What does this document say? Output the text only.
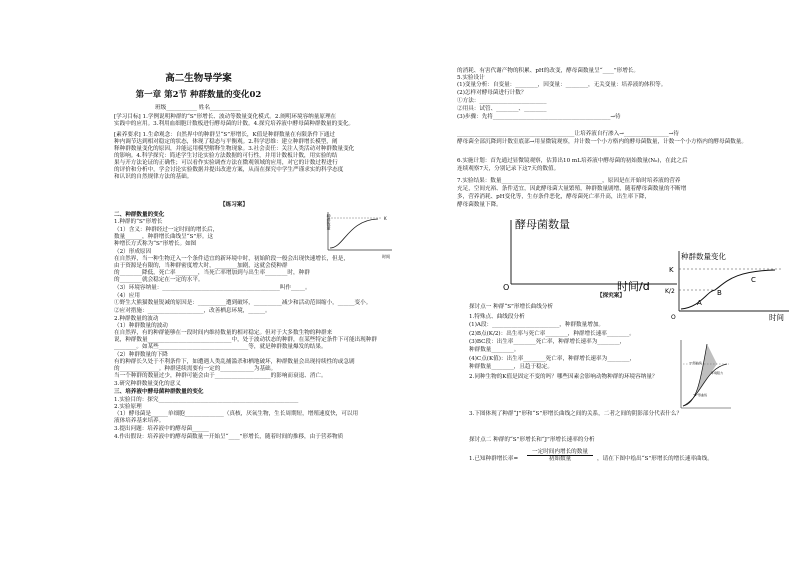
高二生物导学案
第一章 第2节 种群数量的变化02
班级___________ 姓名___________
[学习目标] 1.学例说明种群的“S”形增长、波动等数量变化模式。2.阐明环境容纳量原理在
实践中的应用。3.利用血细胞计数板进行酵母菌的计数。4.探究培养液中酵母菌种群数量的变化。
[素养要求] 1.生命观念：自然界中的种群呈“S”形增长，K值是种群数量在有限条件下通过
种内调节达到相对稳定的状态，体现了稳态与平衡观。2.科学思维：建立种群增长模型，阐
释种群数量变化的原因，并能运用模型解释生物现象。3.社会责任：关注人类活动对种群数量变化
的影响。4.科学探究：简述学生讨论实验方法数据的可行性，并用计数板计数，用实验的结
果与开方法论证的正确性；可以看作实验调查方法在微观领域的应用，对它的计数过程进行
的评价和分析中，学会讨论实验数据并提出改进方案，从而在探究中学生严谨求实的科学态度
和认识的自然规律方法的基础。
【练习案】
二、种群数量的变化
1.种群的“S”形增长
（1）含义：种群经过一定时间的增长后，
数量______，种群增长曲线呈“S”形。这
种增长方式称为“S”形增长。如图
（2）形成原因
在自然界，当一种生物迁入一个条件适宜的新环境中时，初始阶段一般会出现快速增长，但是，
由于资源是有限的，当种群密度增大时，________加剧，这就会使种群
的________降低，死亡率________，当死亡率增加到与出生率________时，种群
的________就会稳定在一定的水平。
（3）环境容纳量：__________________________________________叫作_____。
（4）应用
①野生大熊猫数量锐减的原因是：__________遭到破坏，__________减少和活动范围缩小，______变小。
②应对措施：____________________，改善栖息环境，______。
2.种群数量的波动
（1）种群数量的波动
在自然界，有的种群能够在一段时间内维持数量的相对稳定。但对于大多数生物的种群来
说，种群数量______________________________中，处于波动状态的种群，在某些特定条件下可能出现种群
________。如某些________________________________等，就是种群数量爆发的结果。
（2）种群数量的下降
有的种群长久处于不利条件下，如遭遇人类乱捕滥杀和栖地破坏，种群数量会出现持续性的或急剧
的______________。种群延续需要有一定的____________为基础。
当一个种群的数量过少，种群可能会由于____________________的影响而衰退、消亡。
3.研究种群数量变化的意义
三、培养液中酵母菌种群数量的变化
1.实验目的：探究__________________________________________________
2.实验原理
（1）酵母菌是______单细胞______________（真核，厌氧生物，生长周期短，增殖速度快，可以用
液体培养基来培养。
3.提出问题：培养液中的酵母菌______
4.作出假设：培养液中的酵母菌数量一开始呈“____”形增长，随着时间的推移，由于营养物质
种群数量
时间
K
的消耗、有害代谢产物的积累、pH的改变，酵母菌数量呈“____”形增长。
5.实验设计
(1)变量分析：自变量：________，因变量：________，无关变量：培养液的体积等。
(2)怎样对酵母菌进行计数？
①方法：________________________
②用具：试管、________、________
(3)步骤：先将__________________________________________→待
__________________________________________让培养液自行渗入→________________→待
酵母菌全部沉降到计数室底部→用显微镜观察，并计数一个小方格内的酵母菌数量，计数一个小方格内的酵母菌数量。
6.实施计划：首先通过显微镜观察，估算出10 mL培养液中酵母菌的初始数量(N₀)，在此之后
连续观察7天，分别记录下这7天的数值。
7.实验结果：数量____________________________________，原因是在开始时培养液的营养
充足，空间充裕、条件适宜，因此酵母菌大量繁殖，种群数量剧增，随着酵母菌数量的不断增
多，营养消耗、pH变化等，生存条件恶化，酵母菌死亡率升高，出生率下降，
酵母菌数量下降。
酵母菌数量
时间/d
O
种群数量变化
时间
O
K
K/2
A
B
C
【探究案】
探讨点一 种群“S”形增长曲线分析
1.特殊点、曲线段分析
(1)A段：________________________，种群数量增加。
(2)B点(K/2)：出生率与死亡率________，种群增长速率________。
(3)BC段：出生率________死亡率，种群增长速率为________，
种群数量________。
(4)C点(K值)：出生率________死亡率，种群增长速率为________，
种群数量________，且趋于稳定。
2.同种生物的K值是固定不变的吗？哪些因素会影响动物种群的环境容纳量？
“J”形曲线
“S”形曲线
环境阻力
3.下图体现了种群“J”形和“S”形增长曲线之间的关系，二者之间的阴影部分代表什么？
探讨点二 种群的“S”形增长和“J”形增长速率的分析
1.已知种群增长率=
一定时间内增长的数量
初始数量	，请在下图中绘出“S”形增长的增长速率曲线。
